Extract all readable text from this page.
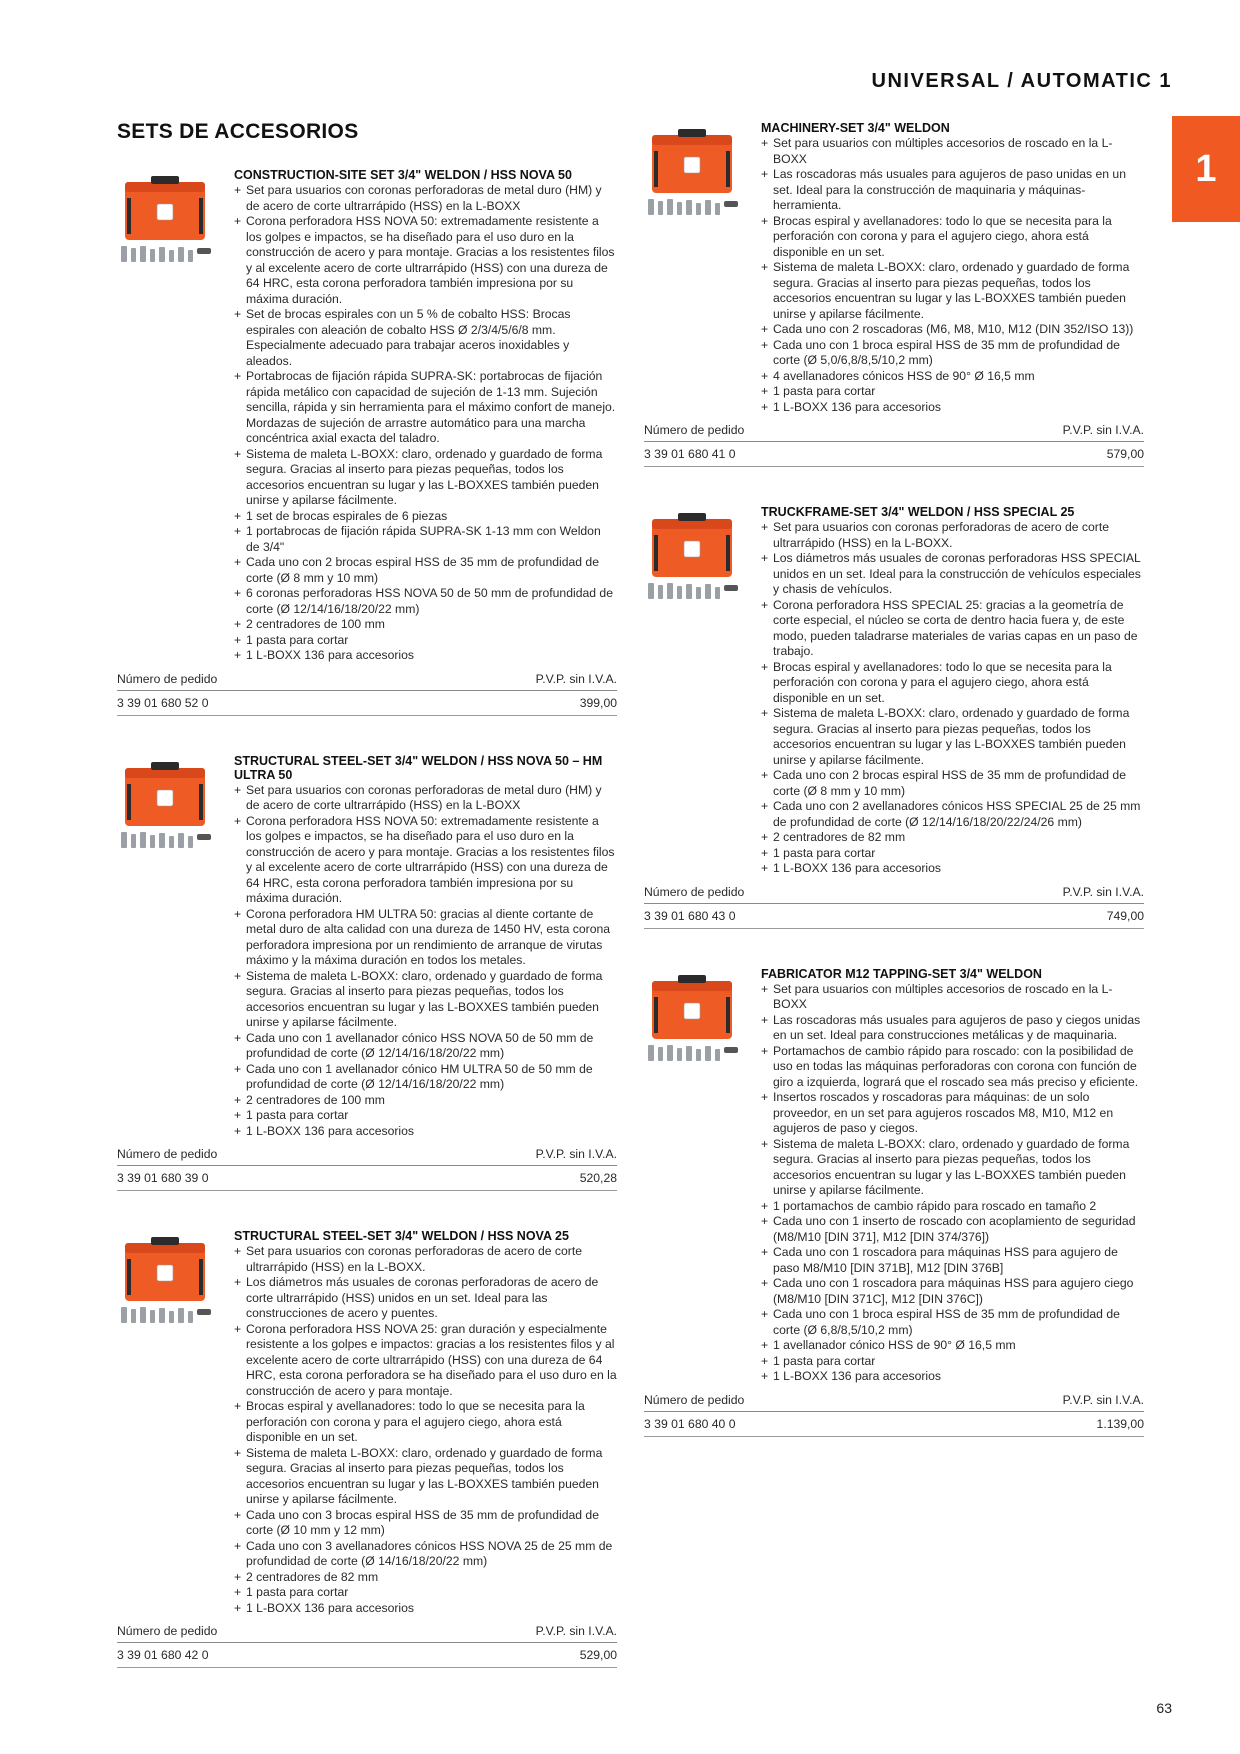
UNIVERSAL / AUTOMATIC 1
1
SETS DE ACCESORIOS
CONSTRUCTION-SITE SET 3/4" WELDON / HSS NOVA 50
+ Set para usuarios con coronas perforadoras de metal duro (HM) y de acero de corte ultrarrápido (HSS) en la L-BOXX
+ Corona perforadora HSS NOVA 50: extremadamente resistente a los golpes e impactos, se ha diseñado para el uso duro en la construcción de acero y para montaje. Gracias a los resistentes filos y al excelente acero de corte ultrarrápido (HSS) con una dureza de 64 HRC, esta corona perforadora también impresiona por su máxima duración.
+ Set de brocas espirales con un 5 % de cobalto HSS: Brocas espirales con aleación de cobalto HSS Ø 2/3/4/5/6/8 mm. Especialmente adecuado para trabajar aceros inoxidables y aleados.
+ Portabrocas de fijación rápida SUPRA-SK: portabrocas de fijación rápida metálico con capacidad de sujeción de 1-13 mm. Sujeción sencilla, rápida y sin herramienta para el máximo confort de manejo. Mordazas de sujeción de arrastre automático para una marcha concéntrica axial exacta del taladro.
+ Sistema de maleta L-BOXX: claro, ordenado y guardado de forma segura. Gracias al inserto para piezas pequeñas, todos los accesorios encuentran su lugar y las L-BOXXES también pueden unirse y apilarse fácilmente.
+ 1 set de brocas espirales de 6 piezas
+ 1 portabrocas de fijación rápida SUPRA-SK 1-13 mm con Weldon de 3/4"
+ Cada uno con 2 brocas espiral HSS de 35 mm de profundidad de corte (Ø 8 mm y 10 mm)
+ 6 coronas perforadoras HSS NOVA 50 de 50 mm de profundidad de corte (Ø 12/14/16/18/20/22 mm)
+ 2 centradores de 100 mm
+ 1 pasta para cortar
+ 1 L-BOXX 136 para accesorios
Número de pedido	P.V.P. sin I.V.A.
3 39 01 680 52 0	399,00
STRUCTURAL STEEL-SET 3/4" WELDON / HSS NOVA 50 – HM ULTRA 50
+ Set para usuarios con coronas perforadoras de metal duro (HM) y de acero de corte ultrarrápido (HSS) en la L-BOXX
+ Corona perforadora HSS NOVA 50: extremadamente resistente a los golpes e impactos, se ha diseñado para el uso duro en la construcción de acero y para montaje. Gracias a los resistentes filos y al excelente acero de corte ultrarrápido (HSS) con una dureza de 64 HRC, esta corona perforadora también impresiona por su máxima duración.
+ Corona perforadora HM ULTRA 50: gracias al diente cortante de metal duro de alta calidad con una dureza de 1450 HV, esta corona perforadora impresiona por un rendimiento de arranque de virutas máximo y la máxima duración en todos los metales.
+ Sistema de maleta L-BOXX: claro, ordenado y guardado de forma segura. Gracias al inserto para piezas pequeñas, todos los accesorios encuentran su lugar y las L-BOXXES también pueden unirse y apilarse fácilmente.
+ Cada uno con 1 avellanador cónico HSS NOVA 50 de 50 mm de profundidad de corte (Ø 12/14/16/18/20/22 mm)
+ Cada uno con 1 avellanador cónico HM ULTRA 50 de 50 mm de profundidad de corte (Ø 12/14/16/18/20/22 mm)
+ 2 centradores de 100 mm
+ 1 pasta para cortar
+ 1 L-BOXX 136 para accesorios
Número de pedido	P.V.P. sin I.V.A.
3 39 01 680 39 0	520,28
STRUCTURAL STEEL-SET 3/4" WELDON / HSS NOVA 25
+ Set para usuarios con coronas perforadoras de acero de corte ultrarrápido (HSS) en la L-BOXX.
+ Los diámetros más usuales de coronas perforadoras de acero de corte ultrarrápido (HSS) unidos en un set. Ideal para las construcciones de acero y puentes.
+ Corona perforadora HSS NOVA 25: gran duración y especialmente resistente a los golpes e impactos: gracias a los resistentes filos y al excelente acero de corte ultrarrápido (HSS) con una dureza de 64 HRC, esta corona perforadora se ha diseñado para el uso duro en la construcción de acero y para montaje.
+ Brocas espiral y avellanadores: todo lo que se necesita para la perforación con corona y para el agujero ciego, ahora está disponible en un set.
+ Sistema de maleta L-BOXX: claro, ordenado y guardado de forma segura. Gracias al inserto para piezas pequeñas, todos los accesorios encuentran su lugar y las L-BOXXES también pueden unirse y apilarse fácilmente.
+ Cada uno con 3 brocas espiral HSS de 35 mm de profundidad de corte (Ø 10 mm y 12 mm)
+ Cada uno con 3 avellanadores cónicos HSS NOVA 25 de 25 mm de profundidad de corte (Ø 14/16/18/20/22 mm)
+ 2 centradores de 82 mm
+ 1 pasta para cortar
+ 1 L-BOXX 136 para accesorios
Número de pedido	P.V.P. sin I.V.A.
3 39 01 680 42 0	529,00
MACHINERY-SET 3/4" WELDON
+ Set para usuarios con múltiples accesorios de roscado en la L-BOXX
+ Las roscadoras más usuales para agujeros de paso unidas en un set. Ideal para la construcción de maquinaria y máquinas-herramienta.
+ Brocas espiral y avellanadores: todo lo que se necesita para la perforación con corona y para el agujero ciego, ahora está disponible en un set.
+ Sistema de maleta L-BOXX: claro, ordenado y guardado de forma segura. Gracias al inserto para piezas pequeñas, todos los accesorios encuentran su lugar y las L-BOXXES también pueden unirse y apilarse fácilmente.
+ Cada uno con 2 roscadoras (M6, M8, M10, M12 (DIN 352/ISO 13))
+ Cada uno con 1 broca espiral HSS de 35 mm de profundidad de corte (Ø 5,0/6,8/8,5/10,2 mm)
+ 4 avellanadores cónicos HSS de 90° Ø 16,5 mm
+ 1 pasta para cortar
+ 1 L-BOXX 136 para accesorios
Número de pedido	P.V.P. sin I.V.A.
3 39 01 680 41 0	579,00
TRUCKFRAME-SET 3/4" WELDON / HSS SPECIAL 25
+ Set para usuarios con coronas perforadoras de acero de corte ultrarrápido (HSS) en la L-BOXX.
+ Los diámetros más usuales de coronas perforadoras HSS SPECIAL unidos en un set. Ideal para la construcción de vehículos especiales y chasis de vehículos.
+ Corona perforadora HSS SPECIAL 25: gracias a la geometría de corte especial, el núcleo se corta de dentro hacia fuera y, de este modo, pueden taladrarse materiales de varias capas en un paso de trabajo.
+ Brocas espiral y avellanadores: todo lo que se necesita para la perforación con corona y para el agujero ciego, ahora está disponible en un set.
+ Sistema de maleta L-BOXX: claro, ordenado y guardado de forma segura. Gracias al inserto para piezas pequeñas, todos los accesorios encuentran su lugar y las L-BOXXES también pueden unirse y apilarse fácilmente.
+ Cada uno con 2 brocas espiral HSS de 35 mm de profundidad de corte (Ø 8 mm y 10 mm)
+ Cada uno con 2 avellanadores cónicos HSS SPECIAL 25 de 25 mm de profundidad de corte (Ø 12/14/16/18/20/22/24/26 mm)
+ 2 centradores de 82 mm
+ 1 pasta para cortar
+ 1 L-BOXX 136 para accesorios
Número de pedido	P.V.P. sin I.V.A.
3 39 01 680 43 0	749,00
FABRICATOR M12 TAPPING-SET 3/4" WELDON
+ Set para usuarios con múltiples accesorios de roscado en la L-BOXX
+ Las roscadoras más usuales para agujeros de paso y ciegos unidas en un set. Ideal para construcciones metálicas y de maquinaria.
+ Portamachos de cambio rápido para roscado: con la posibilidad de uso en todas las máquinas perforadoras con corona con función de giro a izquierda, logrará que el roscado sea más preciso y eficiente.
+ Insertos roscados y roscadoras para máquinas: de un solo proveedor, en un set para agujeros roscados M8, M10, M12 en agujeros de paso y ciegos.
+ Sistema de maleta L-BOXX: claro, ordenado y guardado de forma segura. Gracias al inserto para piezas pequeñas, todos los accesorios encuentran su lugar y las L-BOXXES también pueden unirse y apilarse fácilmente.
+ 1 portamachos de cambio rápido para roscado en tamaño 2
+ Cada uno con 1 inserto de roscado con acoplamiento de seguridad (M8/M10 [DIN 371], M12 [DIN 374/376])
+ Cada uno con 1 roscadora para máquinas HSS para agujero de paso M8/M10 [DIN 371B], M12 [DIN 376B]
+ Cada uno con 1 roscadora para máquinas HSS para agujero ciego (M8/M10 [DIN 371C], M12 [DIN 376C])
+ Cada uno con 1 broca espiral HSS de 35 mm de profundidad de corte (Ø 6,8/8,5/10,2 mm)
+ 1 avellanador cónico HSS de 90° Ø 16,5 mm
+ 1 pasta para cortar
+ 1 L-BOXX 136 para accesorios
Número de pedido	P.V.P. sin I.V.A.
3 39 01 680 40 0	1.139,00
63
